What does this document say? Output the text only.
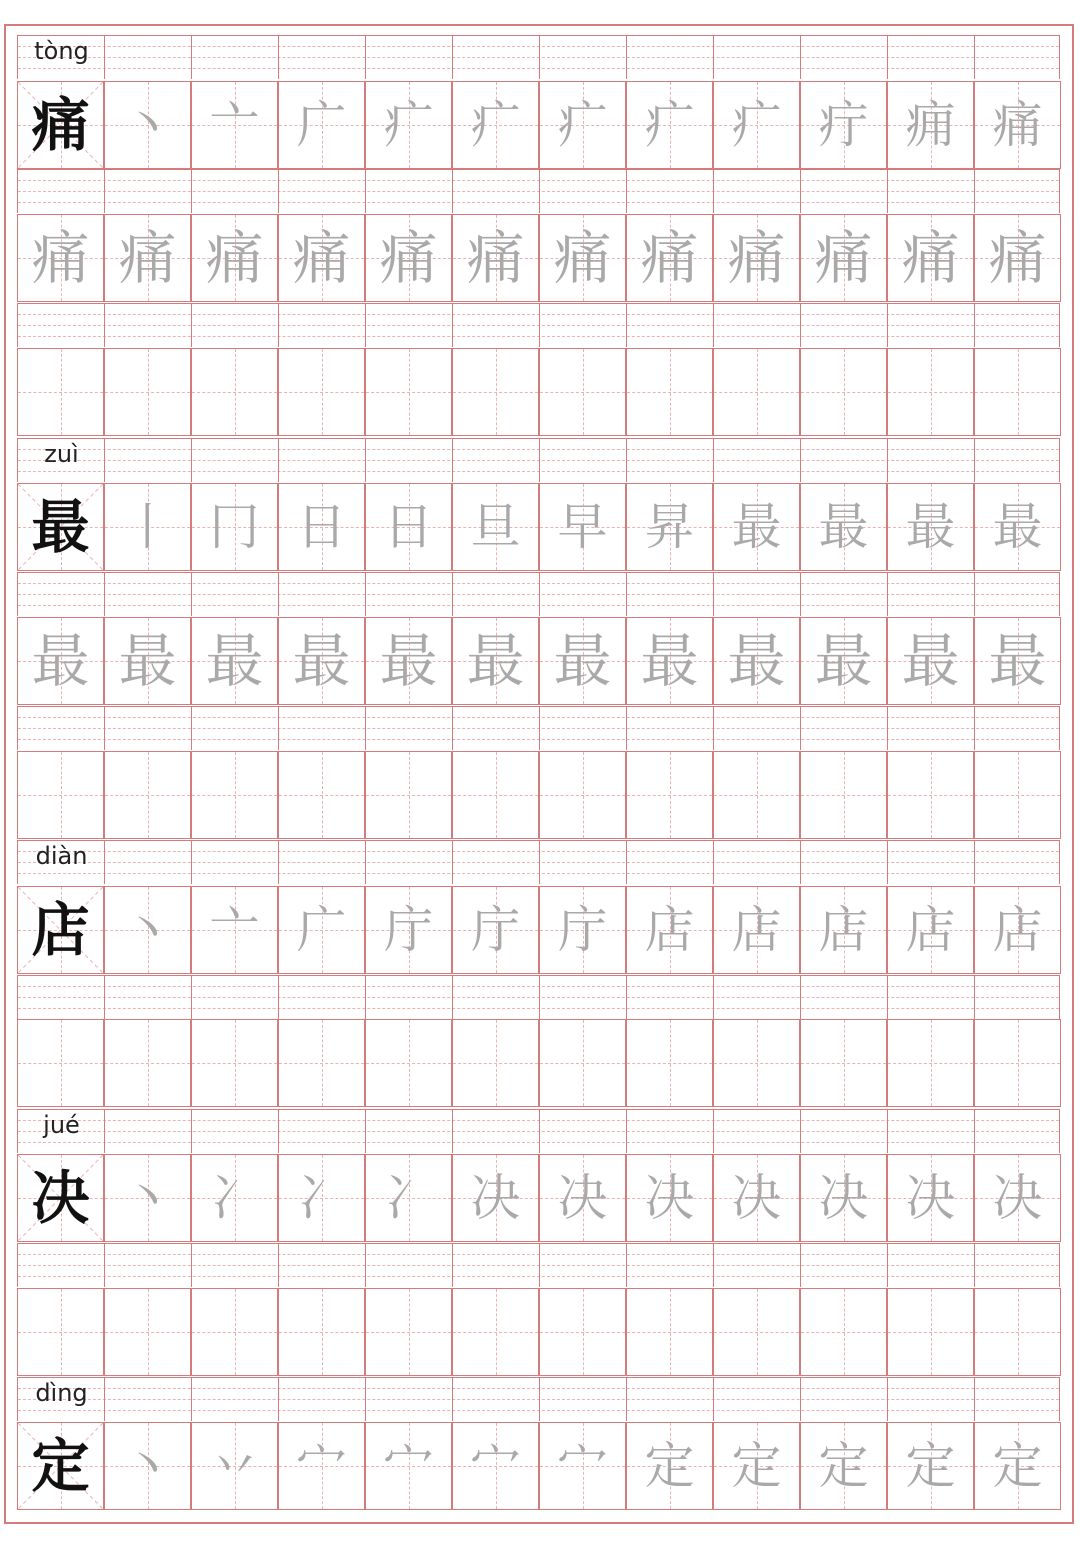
tòng
痛 丶 亠 广 疒 疒 疒 疒 疒 疔 痈 痛
痛 痛 痛 痛 痛 痛 痛 痛 痛 痛 痛 痛
zuì
最 丨 冂 日 日 旦 早 昇 最 最 最 最
最 最 最 最 最 最 最 最 最 最 最 最
diàn
店 丶 亠 广 庁 庁 庁 店 店 店 店 店
jué
决 丶 冫 冫 冫 决 决 决 决 决 决 决
dìng
定 丶 丷 宀 宀 宀 宀 定 定 定 定 定
